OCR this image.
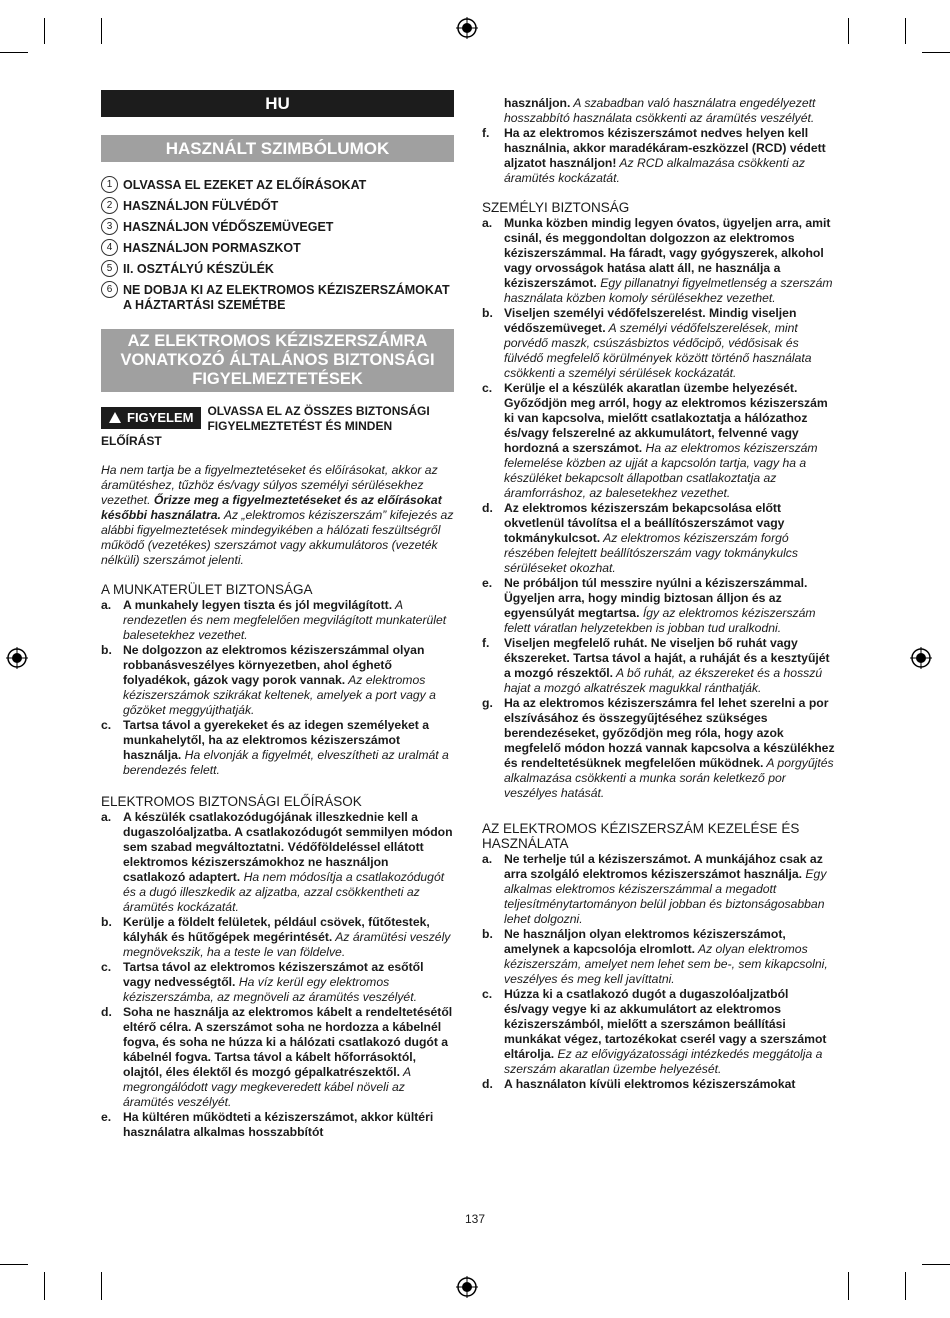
HU
HASZNÁLT SZIMBÓLUMOK
1 OLVASSA EL EZEKET AZ ELŐÍRÁSOKAT
2 HASZNÁLJON FÜLVÉDŐT
3 HASZNÁLJON VÉDŐSZEMÜVEGET
4 HASZNÁLJON PORMASZKOT
5 II. OSZTÁLYÚ KÉSZÜLÉK
6 NE DOBJA KI AZ ELEKTROMOS KÉZISZERSZÁMOKAT A HÁZTARTÁSI SZEMÉTBE
AZ ELEKTROMOS KÉZISZERSZÁMRA VONATKOZÓ ÁLTALÁNOS BIZTONSÁGI FIGYELMEZTETÉSEK
FIGYELEM	OLVASSA EL AZ ÖSSZES BIZTONSÁGI FIGYELMEZTETÉST ÉS MINDEN ELŐÍRÁST
Ha nem tartja be a figyelmeztetéseket és előírásokat, akkor az áramütéshez, tűzhöz és/vagy súlyos személyi sérülésekhez vezethet. Őrizze meg a figyelmeztetéseket és az előírásokat későbbi használatra. Az „elektromos kéziszerszám” kifejezés az alábbi figyelmeztetések mindegyikében a hálózati feszültségről működő (vezetékes) szerszámot vagy akkumulátoros (vezeték nélküli) szerszámot jelenti.
A MUNKATERÜLET BIZTONSÁGA
a. A munkahely legyen tiszta és jól megvilágított. A rendezetlen és nem megfelelően megvilágított munkaterület balesetekhez vezethet.
b. Ne dolgozzon az elektromos kéziszerszámmal olyan robbanásveszélyes környezetben, ahol éghető folyadékok, gázok vagy porok vannak. Az elektromos kéziszerszámok szikrákat keltenek, amelyek a port vagy a gőzöket meggyújthatják.
c. Tartsa távol a gyerekeket és az idegen személyeket a munkahelytől, ha az elektromos kéziszerszámot használja. Ha elvonják a figyelmét, elveszítheti az uralmát a berendezés felett.
ELEKTROMOS BIZTONSÁGI ELŐÍRÁSOK
a. A készülék csatlakozódugójának illeszkednie kell a dugaszolóaljzatba. A csatlakozódugót semmilyen módon sem szabad megváltoztatni. Védőföldeléssel ellátott elektromos kéziszerszámokhoz ne használjon csatlakozó adaptert. Ha nem módosítja a csatlakozódugót és a dugó illeszkedik az aljzatba, azzal csökkentheti az áramütés kockázatát.
b. Kerülje a földelt felületek, például csövek, fűtőtestek, kályhák és hűtőgépek megérintését. Az áramütési veszély megnövekszik, ha a teste le van földelve.
c. Tartsa távol az elektromos kéziszerszámot az esőtől vagy nedvességtől. Ha víz kerül egy elektromos kéziszerszámba, az megnöveli az áramütés veszélyét.
d. Soha ne használja az elektromos kábelt a rendeltetésétől eltérő célra. A szerszámot soha ne hordozza a kábelnél fogva, és soha ne húzza ki a hálózati csatlakozó dugót a kábelnél fogva. Tartsa távol a kábelt hőforrásoktól, olajtól, éles élektől és mozgó gépalkatrészektől. A megrongálódott vagy megkeveredett kábel növeli az áramütés veszélyét.
e. Ha kültéren működteti a kéziszerszámot, akkor kültéri használatra alkalmas hosszabbítót
használjon. A szabadban való használatra engedélyezett hosszabbító használata csökkenti az áramütés veszélyét.
f.	Ha az elektromos kéziszerszámot nedves helyen kell használnia, akkor maradékáram-eszközzel (RCD) védett aljzatot használjon! Az RCD alkalmazása csökkenti az áramütés kockázatát.
SZEMÉLYI BIZTONSÁG
a. Munka közben mindig legyen óvatos, ügyeljen arra, amit csinál, és meggondoltan dolgozzon az elektromos kéziszerszámmal. Ha fáradt, vagy gyógyszerek, alkohol vagy orvosságok hatása alatt áll, ne használja a kéziszerszámot. Egy pillanatnyi figyelmetlenség a szerszám használata közben komoly sérülésekhez vezethet.
b. Viseljen személyi védőfelszerelést. Mindig viseljen védőszemüveget. A személyi védőfelszerelések, mint porvédő maszk, csúszásbiztos védőcipő, védősisak és fülvédő megfelelő körülmények között történő használata csökkenti a személyi sérülések kockázatát.
c. Kerülje el a készülék akaratlan üzembe helyezését. Győződjön meg arról, hogy az elektromos kéziszerszám ki van kapcsolva, mielőtt csatlakoztatja a hálózathoz és/vagy felszerelné az akkumulátort, felvenné vagy hordozná a szerszámot. Ha az elektromos kéziszerszám felemelése közben az ujját a kapcsolón tartja, vagy ha a készüléket bekapcsolt állapotban csatlakoztatja az áramforráshoz, az balesetekhez vezethet.
d. Az elektromos kéziszerszám bekapcsolása előtt okvetlenül távolítsa el a beállítószerszámot vagy tokmánykulcsot. Az elektromos kéziszerszám forgó részében felejtett beállítószerszám vagy tokmánykulcs sérüléseket okozhat.
e. Ne próbáljon túl messzire nyúlni a kéziszerszámmal. Ügyeljen arra, hogy mindig biztosan álljon és az egyensúlyát megtartsa. Így az elektromos kéziszerszám felett váratlan helyzetekben is jobban tud uralkodni.
f.	Viseljen megfelelő ruhát. Ne viseljen bő ruhát vagy ékszereket. Tartsa távol a haját, a ruháját és a kesztyűjét a mozgó részektől. A bő ruhát, az ékszereket és a hosszú hajat a mozgó alkatrészek magukkal ránthatják.
g. Ha az elektromos kéziszerszámra fel lehet szerelni a por elszívásához és összegyűjtéséhez szükséges berendezéseket, győződjön meg róla, hogy azok megfelelő módon hozzá vannak kapcsolva a készülékhez és rendeltetésüknek megfelelően működnek. A porgyűjtés alkalmazása csökkenti a munka során keletkező por veszélyes hatását.
AZ ELEKTROMOS KÉZISZERSZÁM KEZELÉSE ÉS HASZNÁLATA
a. Ne terhelje túl a kéziszerszámot. A munkájához csak az arra szolgáló elektromos kéziszerszámot használja. Egy alkalmas elektromos kéziszerszámmal a megadott teljesítménytartományon belül jobban és biztonságosabban lehet dolgozni.
b. Ne használjon olyan elektromos kéziszerszámot, amelynek a kapcsolója elromlott. Az olyan elektromos kéziszerszám, amelyet nem lehet sem be-, sem kikapcsolni, veszélyes és meg kell javíttatni.
c. Húzza ki a csatlakozó dugót a dugaszolóaljzatból és/vagy vegye ki az akkumulátort az elektromos kéziszerszámból, mielőtt a szerszámon beállítási munkákat végez, tartozékokat cserél vagy a szerszámot eltárolja. Ez az elővigyázatossági intézkedés meggátolja a szerszám akaratlan üzembe helyezését.
d. A használaton kívüli elektromos kéziszerszámokat
137
